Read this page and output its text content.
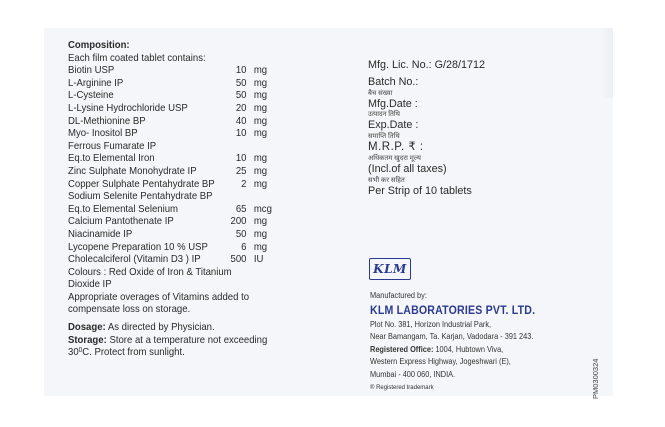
Composition:
Each film coated tablet contains:
Biotin USP	10 mg
L-Arginine IP	50 mg
L-Cysteine	50 mg
L-Lysine Hydrochloride USP	20 mg
DL-Methionine BP	40 mg
Myo- Inositol BP	10 mg
Ferrous Fumarate IP
Eq.to Elemental Iron	10 mg
Zinc Sulphate Monohydrate IP	25 mg
Copper Sulphate Pentahydrate BP	2 mg
Sodium Selenite Pentahydrate BP
Eq.to Elemental Selenium	65 mcg
Calcium Pantothenate IP	200 mg
Niacinamide IP	50 mg
Lycopene Preparation 10 % USP	6 mg
Cholecalciferol (Vitamin D3 ) IP	500 IU
Colours : Red Oxide of Iron & Titanium
Dioxide IP
Appropriate overages of Vitamins added to
compensate loss on storage.
Dosage: As directed by Physician.
Storage: Store at a temperature not exceeding
$30^0C$. Protect from sunlight.
Mfg. Lic. No.: G/28/1712
Batch No.:
बैच संख्या
Mfg.Date :
उत्पादन तिथि
Exp.Date :
समाप्ति तिथि
M.R.P. ₹ :
अधिकतम खुदरा मूल्य
(Incl.of all taxes)
सभी कर सहित
Per Strip of 10 tablets
KLM
Manufactured by:
KLM LABORATORIES PVT. LTD.
Plot No. 381, Horizon Industrial Park,
Near Bamangam, Ta. Karjan, Vadodara - 391 243.
Registered Office: 1004, Hubtown Viva,
Western Express Highway, Jogeshwari (E),
Mumbai - 400 060, INDIA.
® Registered trademark	PM0300324
